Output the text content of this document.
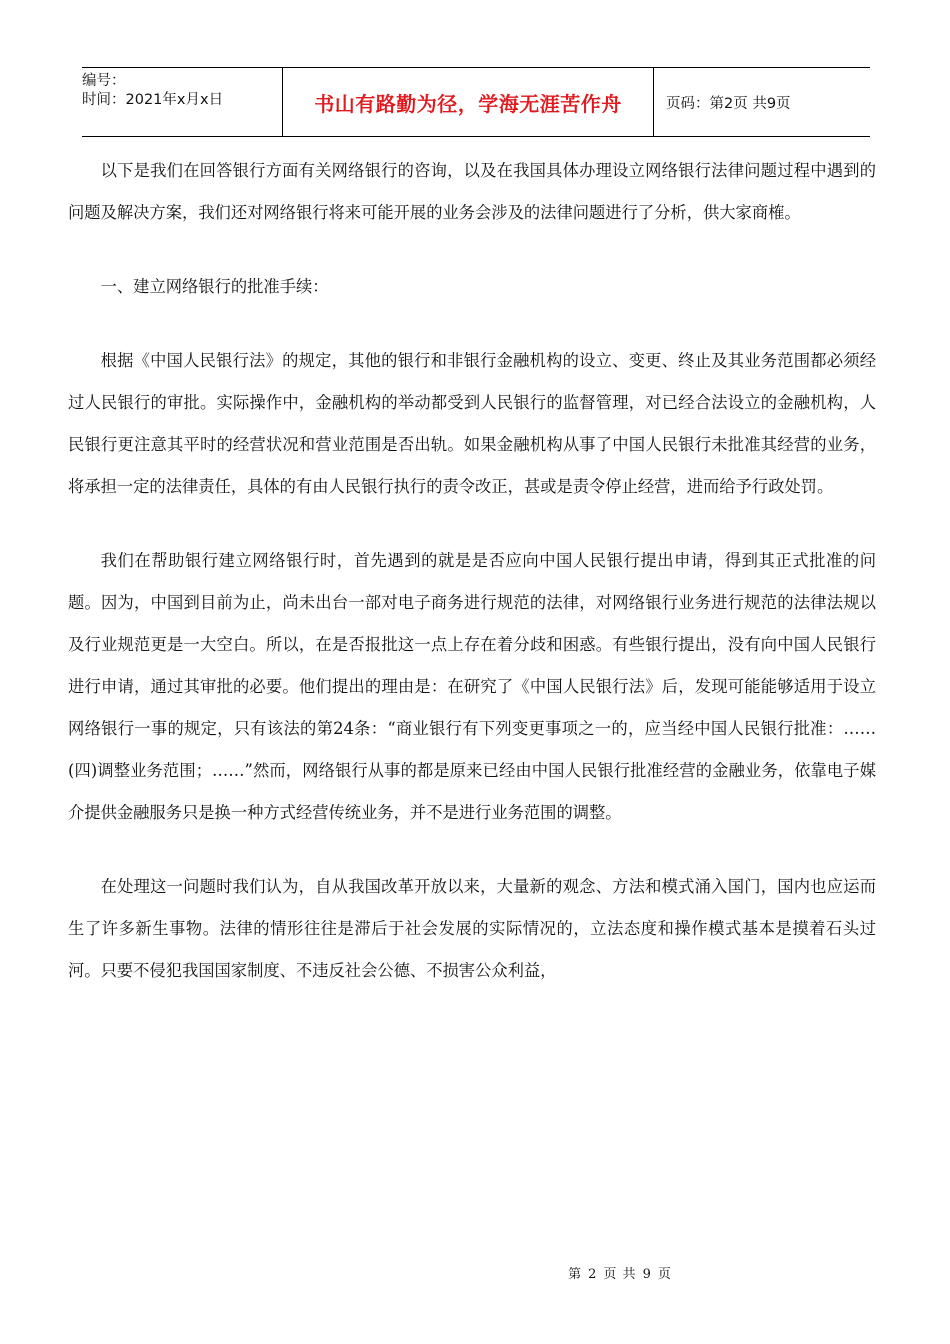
编号：
时间：2021年x月x日	书山有路勤为径，学海无涯苦作舟	页码：第2页 共9页

以下是我们在回答银行方面有关网络银行的咨询，以及在我国具体办理设立网络银行法律问题过程中遇到的问题及解决方案，我们还对网络银行将来可能开展的业务会涉及的法律问题进行了分析，供大家商榷。

一、建立网络银行的批准手续：

根据《中国人民银行法》的规定，其他的银行和非银行金融机构的设立、变更、终止及其业务范围都必须经过人民银行的审批。实际操作中，金融机构的举动都受到人民银行的监督管理，对已经合法设立的金融机构，人民银行更注意其平时的经营状况和营业范围是否出轨。如果金融机构从事了中国人民银行未批准其经营的业务，将承担一定的法律责任，具体的有由人民银行执行的责令改正，甚或是责令停止经营，进而给予行政处罚。

我们在帮助银行建立网络银行时，首先遇到的就是是否应向中国人民银行提出申请，得到其正式批准的问题。因为，中国到目前为止，尚未出台一部对电子商务进行规范的法律，对网络银行业务进行规范的法律法规以及行业规范更是一大空白。所以，在是否报批这一点上存在着分歧和困惑。有些银行提出，没有向中国人民银行进行申请，通过其审批的必要。他们提出的理由是：在研究了《中国人民银行法》后，发现可能能够适用于设立网络银行一事的规定，只有该法的第24条：“商业银行有下列变更事项之一的，应当经中国人民银行批准：……(四)调整业务范围；……”然而，网络银行从事的都是原来已经由中国人民银行批准经营的金融业务，依靠电子媒介提供金融服务只是换一种方式经营传统业务，并不是进行业务范围的调整。

在处理这一问题时我们认为，自从我国改革开放以来，大量新的观念、方法和模式涌入国门，国内也应运而生了许多新生事物。法律的情形往往是滞后于社会发展的实际情况的，立法态度和操作模式基本是摸着石头过河。只要不侵犯我国国家制度、不违反社会公德、不损害公众利益，

第 2 页 共 9 页
